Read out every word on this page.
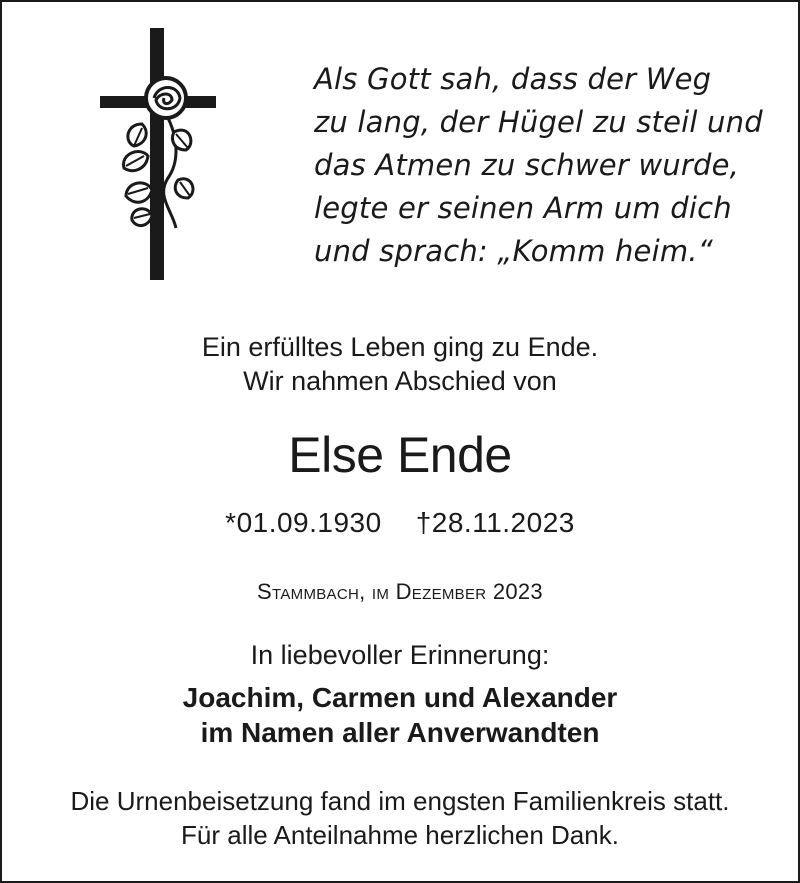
Als Gott sah, dass der Weg
zu lang, der Hügel zu steil und
das Atmen zu schwer wurde,
legte er seinen Arm um dich
und sprach: „Komm heim.“
Ein erfülltes Leben ging zu Ende.
Wir nahmen Abschied von
Else Ende
*01.09.1930 †28.11.2023
Stammbach, im Dezember 2023
In liebevoller Erinnerung:
Joachim, Carmen und Alexander
im Namen aller Anverwandten
Die Urnenbeisetzung fand im engsten Familienkreis statt.
Für alle Anteilnahme herzlichen Dank.
